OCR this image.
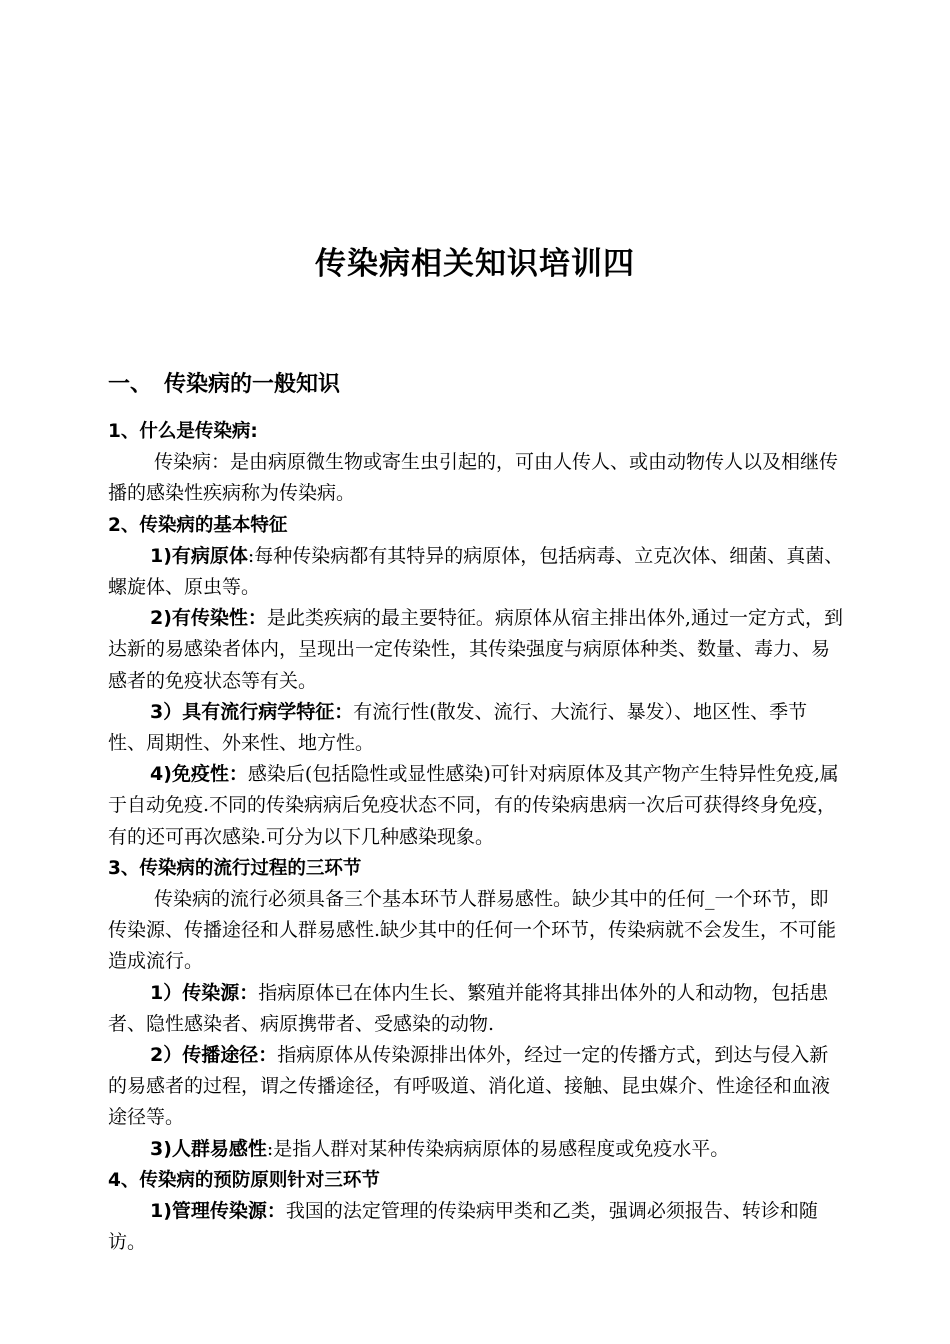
传染病相关知识培训四
一、 传染病的一般知识

1、什么是传染病:

传染病：是由病原微生物或寄生虫引起的，可由人传人、或由动物传人以及相继传播的感染性疾病称为传染病。

2、传染病的基本特征

1)有病原体:每种传染病都有其特异的病原体，包括病毒、立克次体、细菌、真菌、螺旋体、原虫等。

2)有传染性：是此类疾病的最主要特征。病原体从宿主排出体外,通过一定方式，到达新的易感染者体内，呈现出一定传染性，其传染强度与病原体种类、数量、毒力、易感者的免疫状态等有关。

3）具有流行病学特征：有流行性(散发、流行、大流行、暴发）、地区性、季节性、周期性、外来性、地方性。

4)免疫性：感染后(包括隐性或显性感染)可针对病原体及其产物产生特异性免疫,属于自动免疫.不同的传染病病后免疫状态不同，有的传染病患病一次后可获得终身免疫，有的还可再次感染.可分为以下几种感染现象。

3、传染病的流行过程的三环节

传染病的流行必须具备三个基本环节人群易感性。缺少其中的任何_一个环节，即传染源、传播途径和人群易感性.缺少其中的任何一个环节，传染病就不会发生，不可能造成流行。

1）传染源：指病原体已在体内生长、繁殖并能将其排出体外的人和动物，包括患者、隐性感染者、病原携带者、受感染的动物.

2）传播途径：指病原体从传染源排出体外，经过一定的传播方式，到达与侵入新的易感者的过程，谓之传播途径，有呼吸道、消化道、接触、昆虫媒介、性途径和血液途径等。

3)人群易感性:是指人群对某种传染病病原体的易感程度或免疫水平。

4、传染病的预防原则针对三环节

1)管理传染源：我国的法定管理的传染病甲类和乙类，强调必须报告、转诊和随访。
